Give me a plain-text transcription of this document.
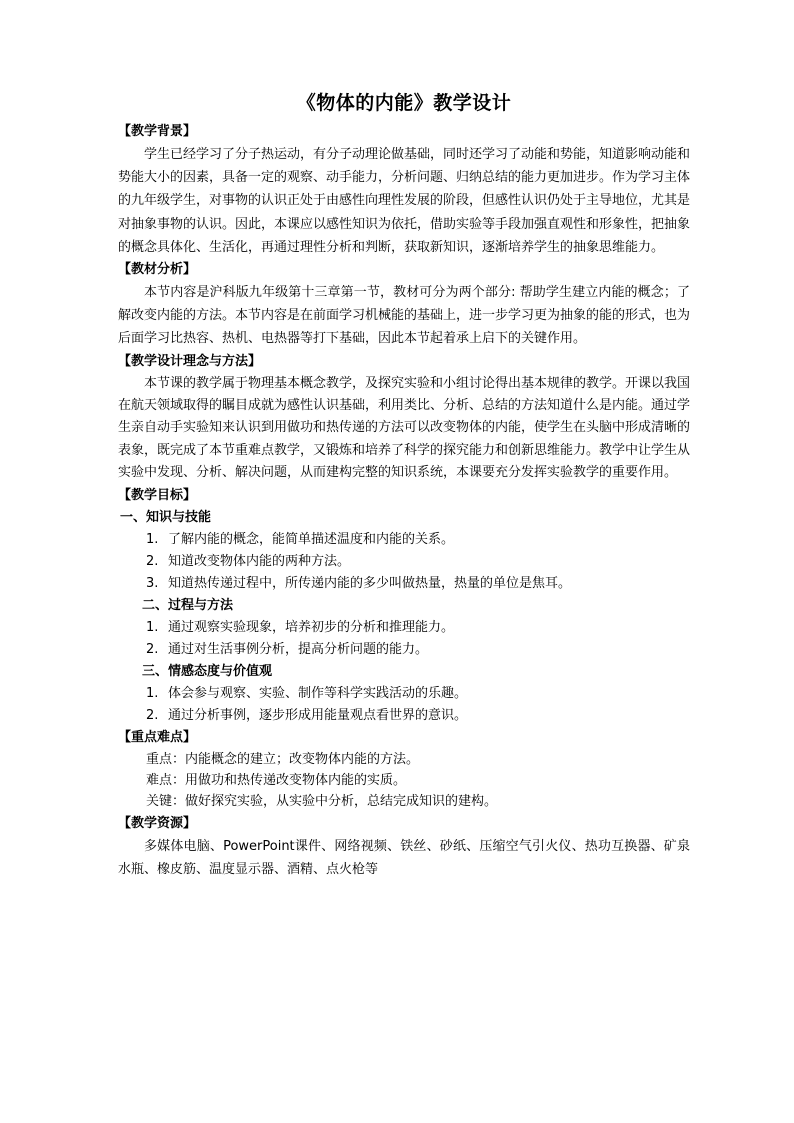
《物体的内能》教学设计

【教学背景】

学生已经学习了分子热运动，有分子动理论做基础，同时还学习了动能和势能，知道影响动能和势能大小的因素，具备一定的观察、动手能力，分析问题、归纳总结的能力更加进步。作为学习主体的九年级学生，对事物的认识正处于由感性向理性发展的阶段，但感性认识仍处于主导地位，尤其是对抽象事物的认识。因此，本课应以感性知识为依托，借助实验等手段加强直观性和形象性，把抽象的概念具体化、生活化，再通过理性分析和判断，获取新知识，逐渐培养学生的抽象思维能力。

【教材分析】

本节内容是沪科版九年级第十三章第一节，教材可分为两个部分: 帮助学生建立内能的概念；了解改变内能的方法。本节内容是在前面学习机械能的基础上，进一步学习更为抽象的能的形式，也为后面学习比热容、热机、电热器等打下基础，因此本节起着承上启下的关键作用。

【教学设计理念与方法】

本节课的教学属于物理基本概念教学，及探究实验和小组讨论得出基本规律的教学。开课以我国在航天领域取得的瞩目成就为感性认识基础，利用类比、分析、总结的方法知道什么是内能。通过学生亲自动手实验知来认识到用做功和热传递的方法可以改变物体的内能，使学生在头脑中形成清晰的表象，既完成了本节重难点教学，又锻炼和培养了科学的探究能力和创新思维能力。教学中让学生从实验中发现、分析、解决问题，从而建构完整的知识系统，本课要充分发挥实验教学的重要作用。

【教学目标】

一、知识与技能

1. 了解内能的概念，能简单描述温度和内能的关系。

2. 知道改变物体内能的两种方法。

3. 知道热传递过程中，所传递内能的多少叫做热量，热量的单位是焦耳。

二、过程与方法

1. 通过观察实验现象，培养初步的分析和推理能力。

2. 通过对生活事例分析，提高分析问题的能力。

三、情感态度与价值观

1. 体会参与观察、实验、制作等科学实践活动的乐趣。

2. 通过分析事例，逐步形成用能量观点看世界的意识。

【重点难点】

重点：内能概念的建立；改变物体内能的方法。

难点：用做功和热传递改变物体内能的实质。

关键：做好探究实验，从实验中分析，总结完成知识的建构。

【教学资源】

多媒体电脑、PowerPoint课件、网络视频、铁丝、砂纸、压缩空气引火仪、热功互换器、矿泉水瓶、橡皮筋、温度显示器、酒精、点火枪等
